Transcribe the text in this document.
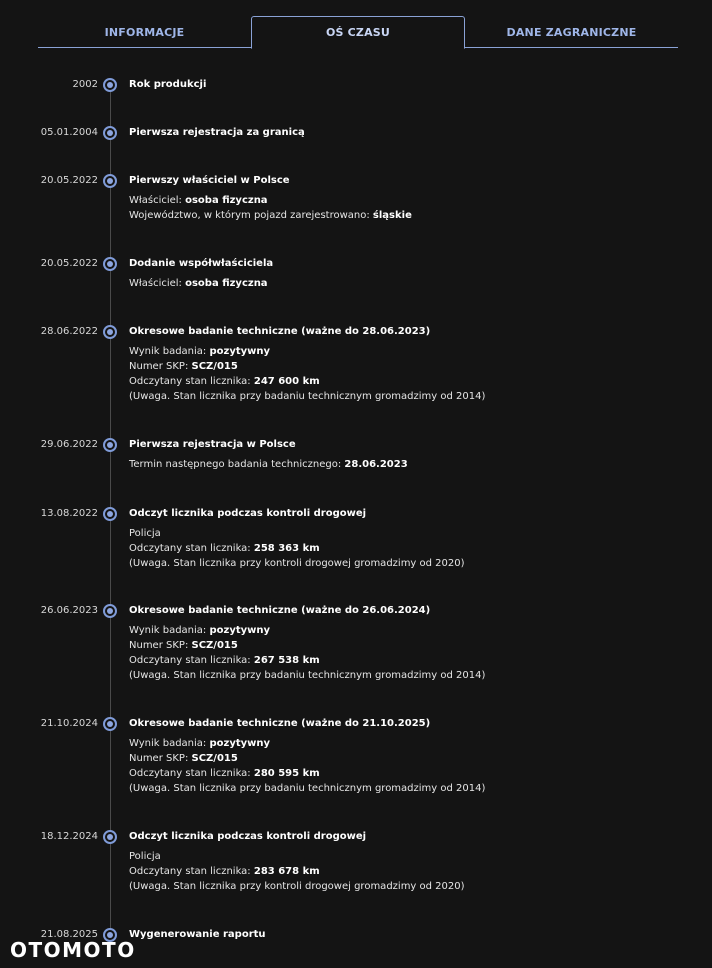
INFORMACJE	OŚ CZASU	DANE ZAGRANICZNE
2002	Rok produkcji
05.01.2004	Pierwsza rejestracja za granicą
20.05.2022	Pierwszy właściciel w Polsce
Właściciel: osoba fizyczna
Województwo, w którym pojazd zarejestrowano: śląskie
20.05.2022	Dodanie współwłaściciela
Właściciel: osoba fizyczna
28.06.2022	Okresowe badanie techniczne (ważne do 28.06.2023)
Wynik badania: pozytywny
Numer SKP: SCZ/015
Odczytany stan licznika: 247 600 km
(Uwaga. Stan licznika przy badaniu technicznym gromadzimy od 2014)
29.06.2022	Pierwsza rejestracja w Polsce
Termin następnego badania technicznego: 28.06.2023
13.08.2022	Odczyt licznika podczas kontroli drogowej
Policja
Odczytany stan licznika: 258 363 km
(Uwaga. Stan licznika przy kontroli drogowej gromadzimy od 2020)
26.06.2023	Okresowe badanie techniczne (ważne do 26.06.2024)
Wynik badania: pozytywny
Numer SKP: SCZ/015
Odczytany stan licznika: 267 538 km
(Uwaga. Stan licznika przy badaniu technicznym gromadzimy od 2014)
21.10.2024	Okresowe badanie techniczne (ważne do 21.10.2025)
Wynik badania: pozytywny
Numer SKP: SCZ/015
Odczytany stan licznika: 280 595 km
(Uwaga. Stan licznika przy badaniu technicznym gromadzimy od 2014)
18.12.2024	Odczyt licznika podczas kontroli drogowej
Policja
Odczytany stan licznika: 283 678 km
(Uwaga. Stan licznika przy kontroli drogowej gromadzimy od 2020)
21.08.2025	Wygenerowanie raportu
OTOMOTO
